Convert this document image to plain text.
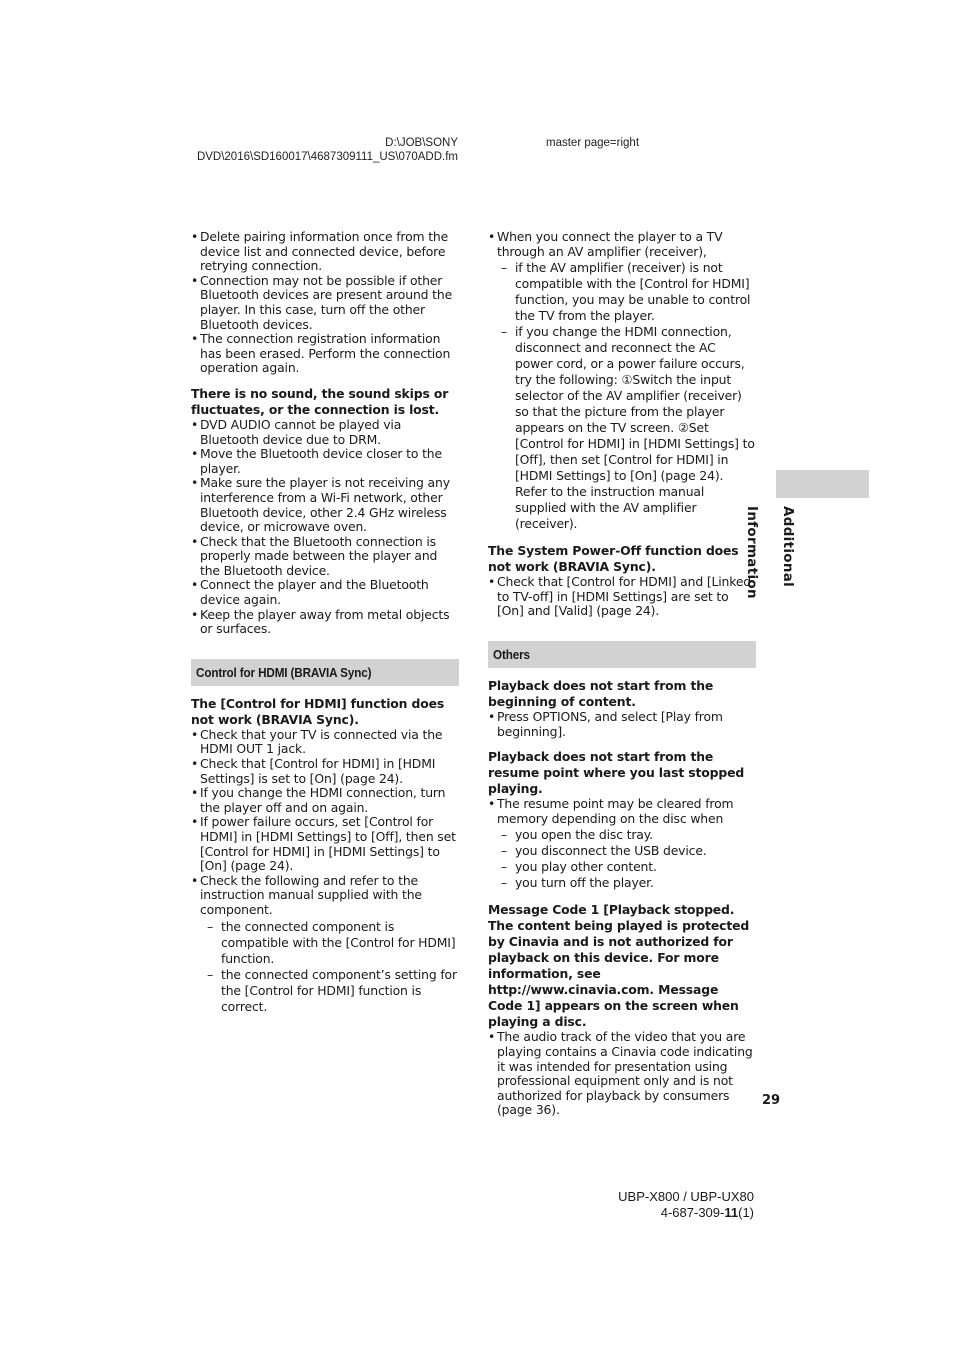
D:\JOB\SONY
DVD\2016\SD160017\4687309111_US\070ADD.fm
master page=right
• Delete pairing information once from the device list and connected device, before retrying connection.
• Connection may not be possible if other Bluetooth devices are present around the player. In this case, turn off the other Bluetooth devices.
• The connection registration information has been erased. Perform the connection operation again.

There is no sound, the sound skips or fluctuates, or the connection is lost.

• DVD AUDIO cannot be played via Bluetooth device due to DRM.
• Move the Bluetooth device closer to the player.
• Make sure the player is not receiving any interference from a Wi-Fi network, other Bluetooth device, other 2.4 GHz wireless device, or microwave oven.
• Check that the Bluetooth connection is properly made between the player and the Bluetooth device.
• Connect the player and the Bluetooth device again.
• Keep the player away from metal objects or surfaces.
Control for HDMI (BRAVIA Sync)

The [Control for HDMI] function does not work (BRAVIA Sync).

• Check that your TV is connected via the HDMI OUT 1 jack.
• Check that [Control for HDMI] in [HDMI Settings] is set to [On] (page 24).
• If you change the HDMI connection, turn the player off and on again.
• If power failure occurs, set [Control for HDMI] in [HDMI Settings] to [Off], then set [Control for HDMI] in [HDMI Settings] to [On] (page 24).
• Check the following and refer to the instruction manual supplied with the component.
– the connected component is compatible with the [Control for HDMI] function.
– the connected component’s setting for the [Control for HDMI] function is correct.
• When you connect the player to a TV through an AV amplifier (receiver),
– if the AV amplifier (receiver) is not compatible with the [Control for HDMI] function, you may be unable to control the TV from the player.
– if you change the HDMI connection, disconnect and reconnect the AC power cord, or a power failure occurs, try the following: ①Switch the input selector of the AV amplifier (receiver) so that the picture from the player appears on the TV screen. ②Set [Control for HDMI] in [HDMI Settings] to [Off], then set [Control for HDMI] in [HDMI Settings] to [On] (page 24). Refer to the instruction manual supplied with the AV amplifier (receiver).

The System Power-Off function does not work (BRAVIA Sync).

• Check that [Control for HDMI] and [Linked to TV-off] in [HDMI Settings] are set to [On] and [Valid] (page 24).
Others

Playback does not start from the beginning of content.

• Press OPTIONS, and select [Play from beginning].

Playback does not start from the resume point where you last stopped playing.

• The resume point may be cleared from memory depending on the disc when
– you open the disc tray.
– you disconnect the USB device.
– you play other content.
– you turn off the player.

Message Code 1 [Playback stopped. The content being played is protected by Cinavia and is not authorized for playback on this device. For more information, see http://www.cinavia.com. Message Code 1] appears on the screen when playing a disc.

• The audio track of the video that you are playing contains a Cinavia code indicating it was intended for presentation using professional equipment only and is not authorized for playback by consumers (page 36).
Additional Information
29
UBP-X800 / UBP-UX80
4-687-309-11(1)
